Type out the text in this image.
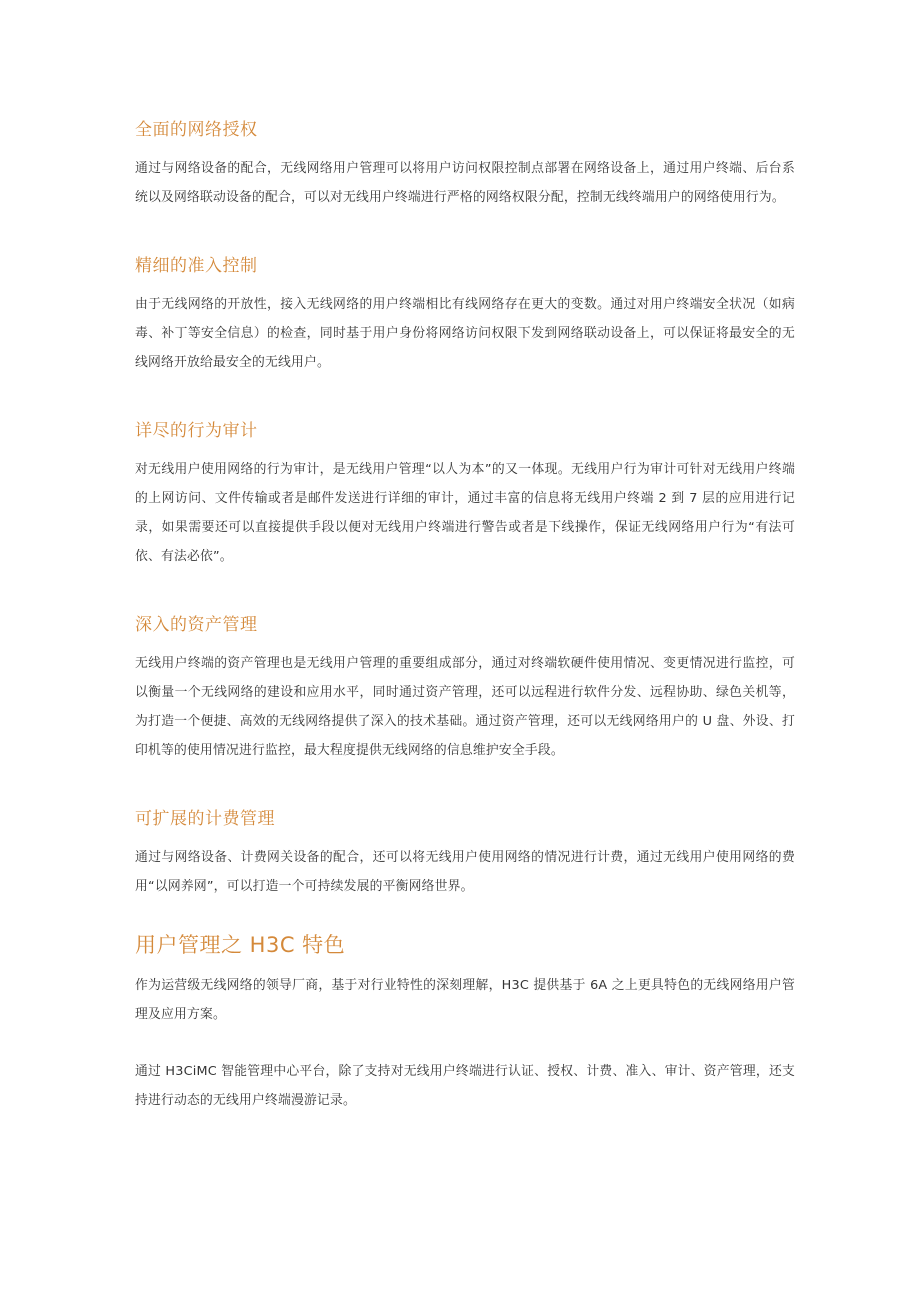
全面的网络授权

通过与网络设备的配合，无线网络用户管理可以将用户访问权限控制点部署在网络设备上，通过用户终端、后台系统以及网络联动设备的配合，可以对无线用户终端进行严格的网络权限分配，控制无线终端用户的网络使用行为。

精细的准入控制

由于无线网络的开放性，接入无线网络的用户终端相比有线网络存在更大的变数。通过对用户终端安全状况（如病毒、补丁等安全信息）的检查，同时基于用户身份将网络访问权限下发到网络联动设备上，可以保证将最安全的无线网络开放给最安全的无线用户。

详尽的行为审计

对无线用户使用网络的行为审计，是无线用户管理“以人为本”的又一体现。无线用户行为审计可针对无线用户终端的上网访问、文件传输或者是邮件发送进行详细的审计，通过丰富的信息将无线用户终端 2 到 7 层的应用进行记录，如果需要还可以直接提供手段以便对无线用户终端进行警告或者是下线操作，保证无线网络用户行为“有法可依、有法必依”。

深入的资产管理

无线用户终端的资产管理也是无线用户管理的重要组成部分，通过对终端软硬件使用情况、变更情况进行监控，可以衡量一个无线网络的建设和应用水平，同时通过资产管理，还可以远程进行软件分发、远程协助、绿色关机等，为打造一个便捷、高效的无线网络提供了深入的技术基础。通过资产管理，还可以无线网络用户的 U 盘、外设、打印机等的使用情况进行监控，最大程度提供无线网络的信息维护安全手段。

可扩展的计费管理

通过与网络设备、计费网关设备的配合，还可以将无线用户使用网络的情况进行计费，通过无线用户使用网络的费用“以网养网”，可以打造一个可持续发展的平衡网络世界。

用户管理之 H3C 特色

作为运营级无线网络的领导厂商，基于对行业特性的深刻理解，H3C 提供基于 6A 之上更具特色的无线网络用户管理及应用方案。

通过 H3CiMC 智能管理中心平台，除了支持对无线用户终端进行认证、授权、计费、准入、审计、资产管理，还支持进行动态的无线用户终端漫游记录。
